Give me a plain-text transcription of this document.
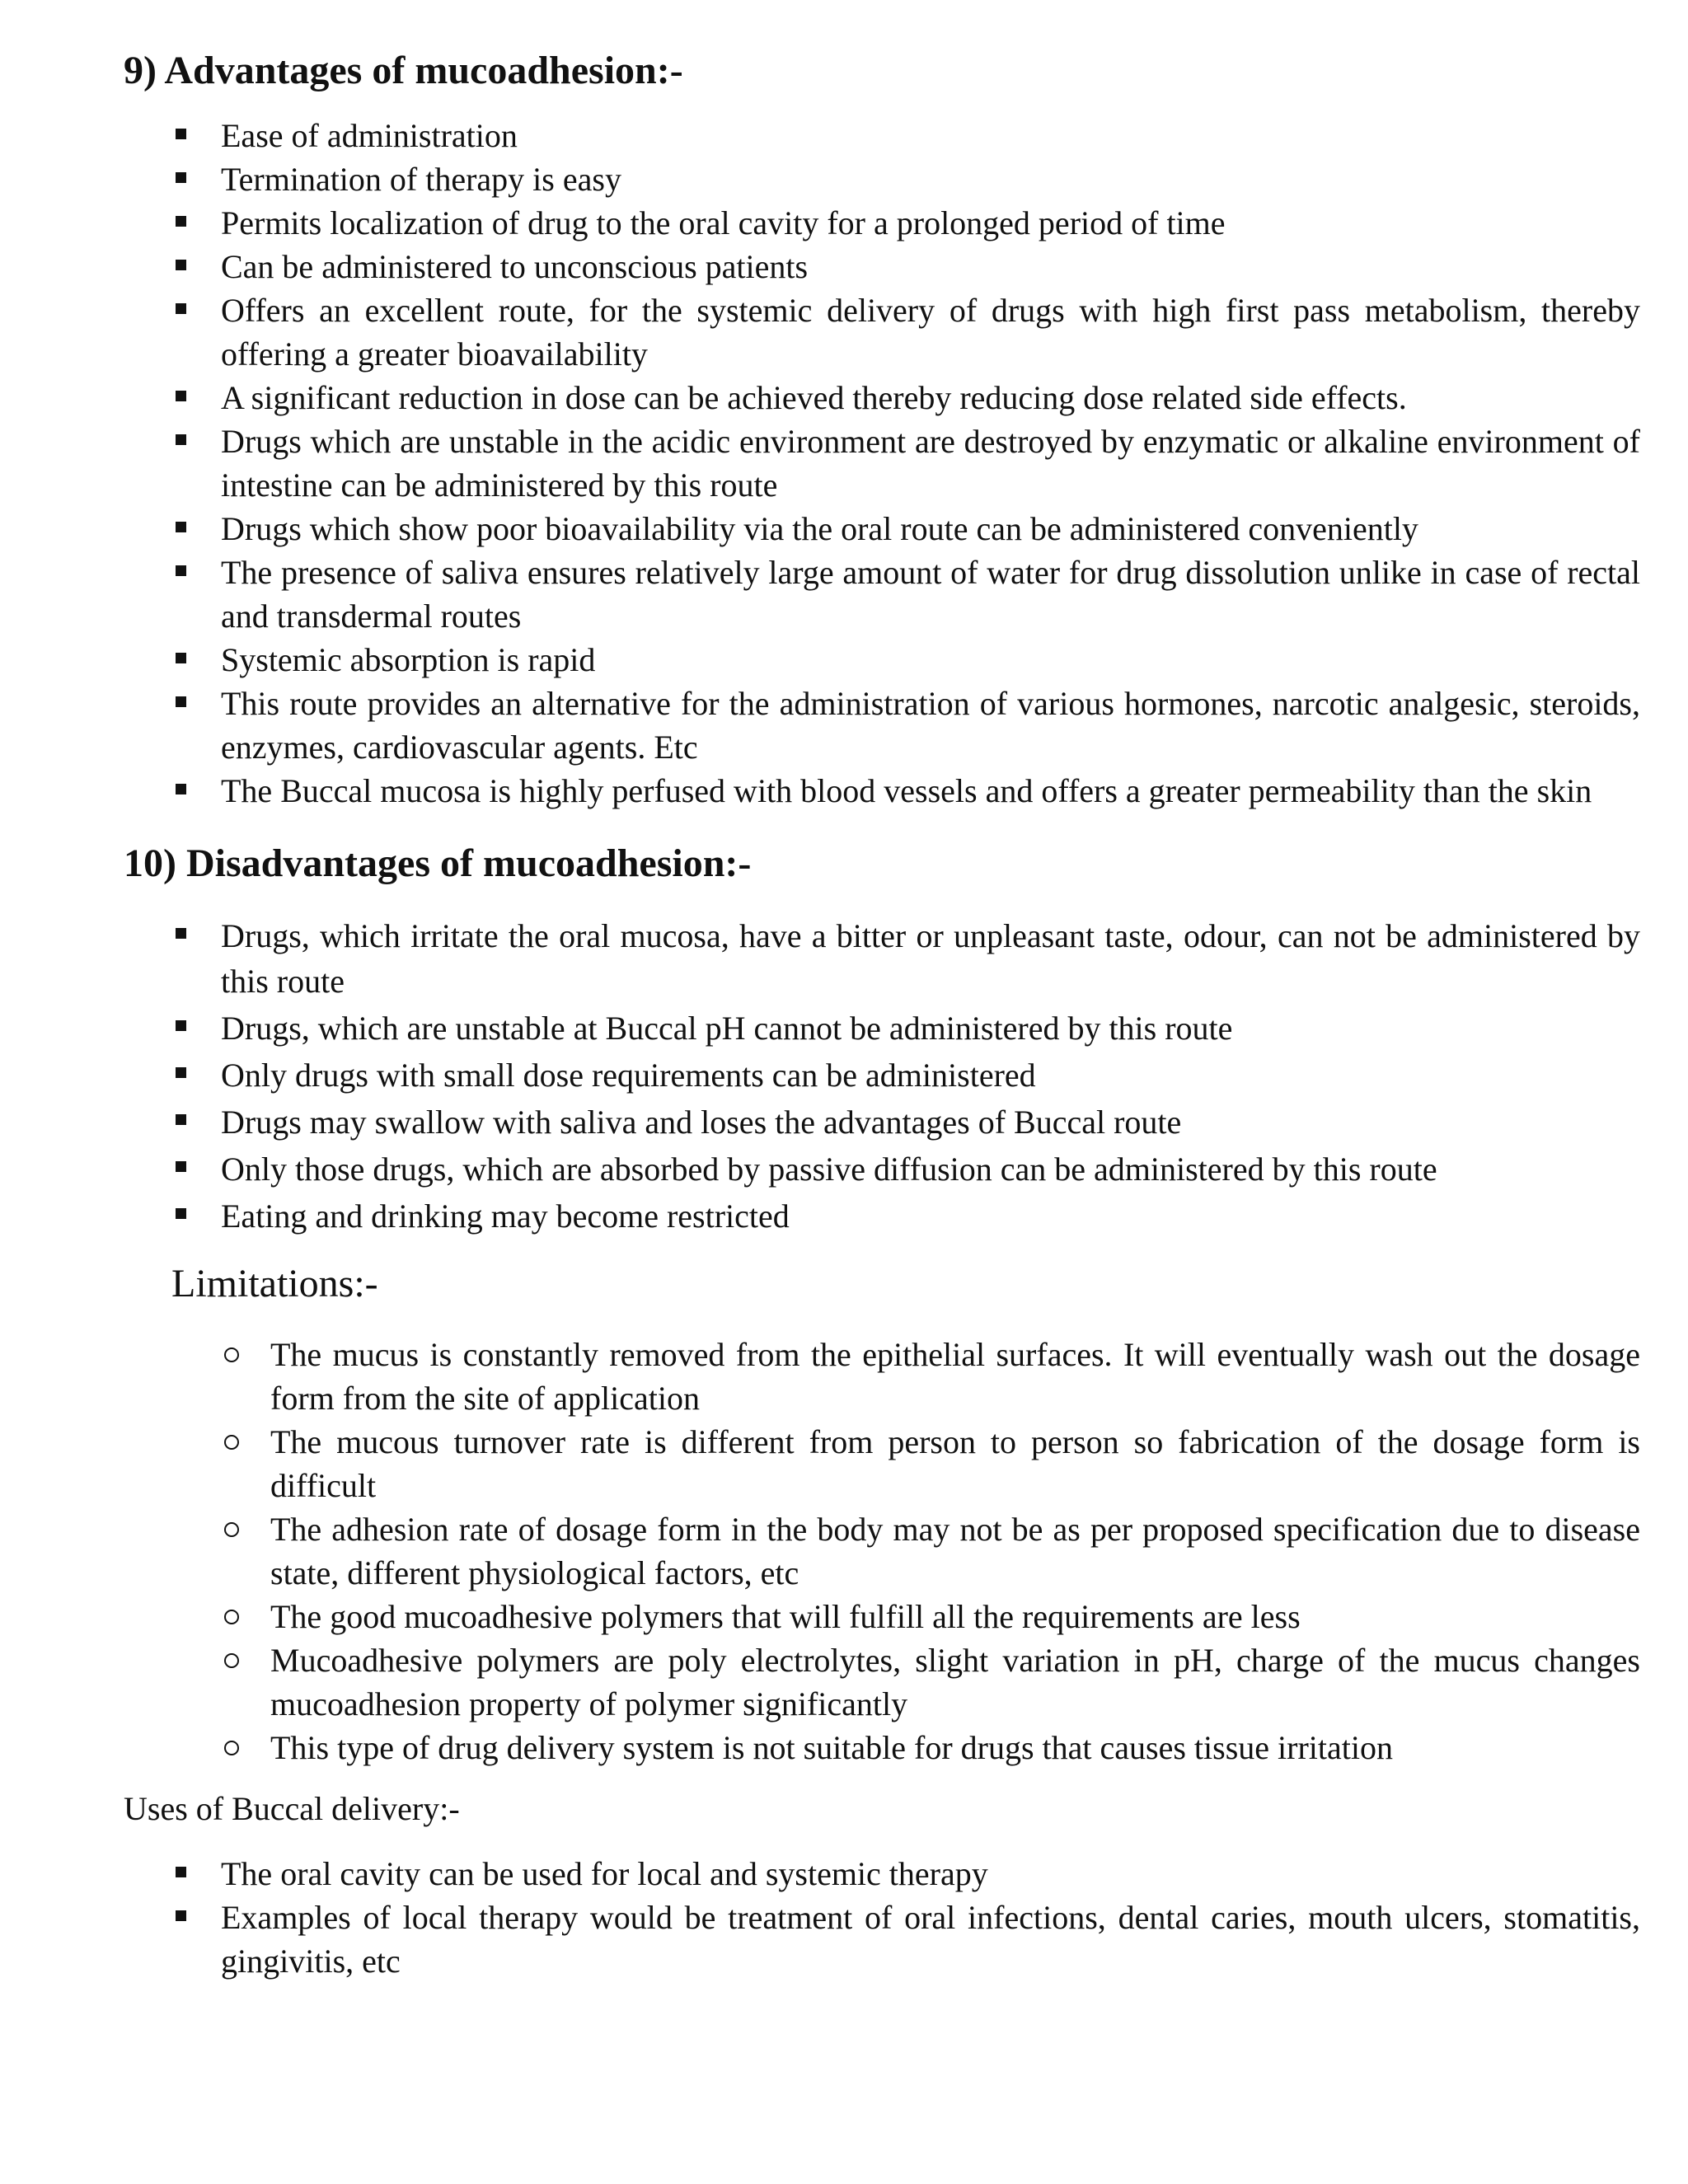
9) Advantages of mucoadhesion:-
Ease of administration
Termination of therapy is easy
Permits localization of drug to the oral cavity for a prolonged period of time
Can be administered to unconscious patients
Offers an excellent route, for the systemic delivery of drugs with high first pass metabolism, thereby offering a greater bioavailability
A significant reduction in dose can be achieved thereby reducing dose related side effects.
Drugs which are unstable in the acidic environment are destroyed by enzymatic or alkaline environment of intestine can be administered by this route
Drugs which show poor bioavailability via the oral route can be administered conveniently
The presence of saliva ensures relatively large amount of water for drug dissolution unlike in case of rectal and transdermal routes
Systemic absorption is rapid
This route provides an alternative for the administration of various hormones, narcotic analgesic, steroids, enzymes, cardiovascular agents. Etc
The Buccal mucosa is highly perfused with blood vessels and offers a greater permeability than the skin
10) Disadvantages of mucoadhesion:-
Drugs, which irritate the oral mucosa, have a bitter or unpleasant taste, odour, can not be administered by this route
Drugs, which are unstable at Buccal pH cannot be administered by this route
Only drugs with small dose requirements can be administered
Drugs may swallow with saliva and loses the advantages of Buccal route
Only those drugs, which are absorbed by passive diffusion can be administered by this route
Eating and drinking may become restricted
Limitations:-
The mucus is constantly removed from the epithelial surfaces. It will eventually wash out the dosage form from the site of application
The mucous turnover rate is different from person to person so fabrication of the dosage form is difficult
The adhesion rate of dosage form in the body may not be as per proposed specification due to disease state, different physiological factors, etc
The good mucoadhesive polymers that will fulfill all the requirements are less
Mucoadhesive polymers are poly electrolytes, slight variation in pH, charge of the mucus changes mucoadhesion property of polymer significantly
This type of drug delivery system is not suitable for drugs that causes tissue irritation
Uses of Buccal delivery:-
The oral cavity can be used for local and systemic therapy
Examples of local therapy would be treatment of oral infections, dental caries, mouth ulcers, stomatitis, gingivitis, etc
